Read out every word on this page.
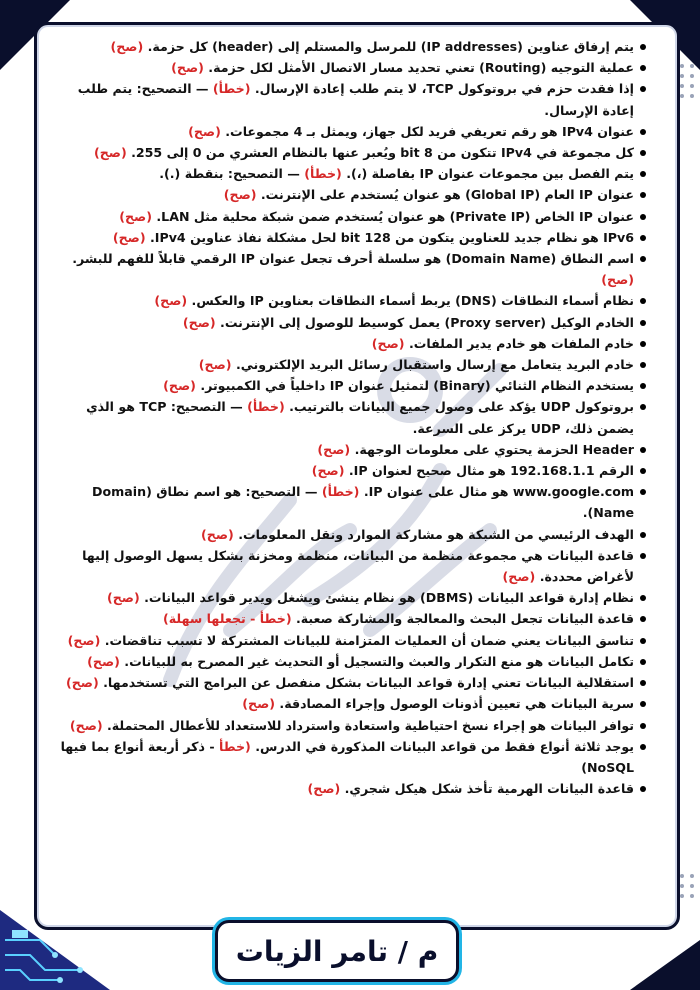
يتم إرفاق عناوين (IP addresses) للمرسل والمستلم إلى (header) كل حزمة. (صح)
عملية التوجيه (Routing) تعني تحديد مسار الاتصال الأمثل لكل حزمة. (صح)
إذا فقدت حزم في بروتوكول TCP، لا يتم طلب إعادة الإرسال. (خطأ) — التصحيح: يتم طلب إعادة الإرسال.
عنوان IPv4 هو رقم تعريفي فريد لكل جهاز، ويمثل بـ 4 مجموعات. (صح)
كل مجموعة في IPv4 تتكون من 8 bit ويُعبر عنها بالنظام العشري من 0 إلى 255. (صح)
يتم الفصل بين مجموعات عنوان IP بفاصلة (،). (خطأ) — التصحيح: بنقطة (.).
عنوان IP العام (Global IP) هو عنوان يُستخدم على الإنترنت. (صح)
عنوان IP الخاص (Private IP) هو عنوان يُستخدم ضمن شبكة محلية مثل LAN. (صح)
IPv6 هو نظام جديد للعناوين يتكون من 128 bit لحل مشكلة نفاذ عناوين IPv4. (صح)
اسم النطاق (Domain Name) هو سلسلة أحرف تجعل عنوان IP الرقمي قابلاً للفهم للبشر. (صح)
نظام أسماء النطاقات (DNS) يربط أسماء النطاقات بعناوين IP والعكس. (صح)
الخادم الوكيل (Proxy server) يعمل كوسيط للوصول إلى الإنترنت. (صح)
خادم الملفات هو خادم يدير الملفات. (صح)
خادم البريد يتعامل مع إرسال واستقبال رسائل البريد الإلكتروني. (صح)
يستخدم النظام الثنائي (Binary) لتمثيل عنوان IP داخلياً في الكمبيوتر. (صح)
بروتوكول UDP يؤكد على وصول جميع البيانات بالترتيب. (خطأ) — التصحيح: TCP هو الذي يضمن ذلك، UDP يركز على السرعة.
Header الحزمة يحتوي على معلومات الوجهة. (صح)
الرقم 192.168.1.1 هو مثال صحيح لعنوان IP. (صح)
www.google.com هو مثال على عنوان IP. (خطأ) — التصحيح: هو اسم نطاق (Domain Name).
الهدف الرئيسي من الشبكة هو مشاركة الموارد ونقل المعلومات. (صح)
قاعدة البيانات هي مجموعة منظمة من البيانات، منظمة ومخزنة بشكل يسهل الوصول إليها لأغراض محددة. (صح)
نظام إدارة قواعد البيانات (DBMS) هو نظام ينشئ ويشغل ويدير قواعد البيانات. (صح)
قاعدة البيانات تجعل البحث والمعالجة والمشاركة صعبة. (خطأ - تجعلها سهلة)
تناسق البيانات يعني ضمان أن العمليات المتزامنة للبيانات المشتركة لا تسبب تناقضات. (صح)
تكامل البيانات هو منع التكرار والعبث والتسجيل أو التحديث غير المصرح به للبيانات. (صح)
استقلالية البيانات تعني إدارة قواعد البيانات بشكل منفصل عن البرامج التي تستخدمها. (صح)
سرية البيانات هي تعيين أذونات الوصول وإجراء المصادقة. (صح)
توافر البيانات هو إجراء نسخ احتياطية واستعادة واسترداد للاستعداد للأعطال المحتملة. (صح)
يوجد ثلاثة أنواع فقط من قواعد البيانات المذكورة في الدرس. (خطأ - ذكر أربعة أنواع بما فيها NoSQL)
قاعدة البيانات الهرمية تأخذ شكل هيكل شجري. (صح)
م / تامر الزيات
